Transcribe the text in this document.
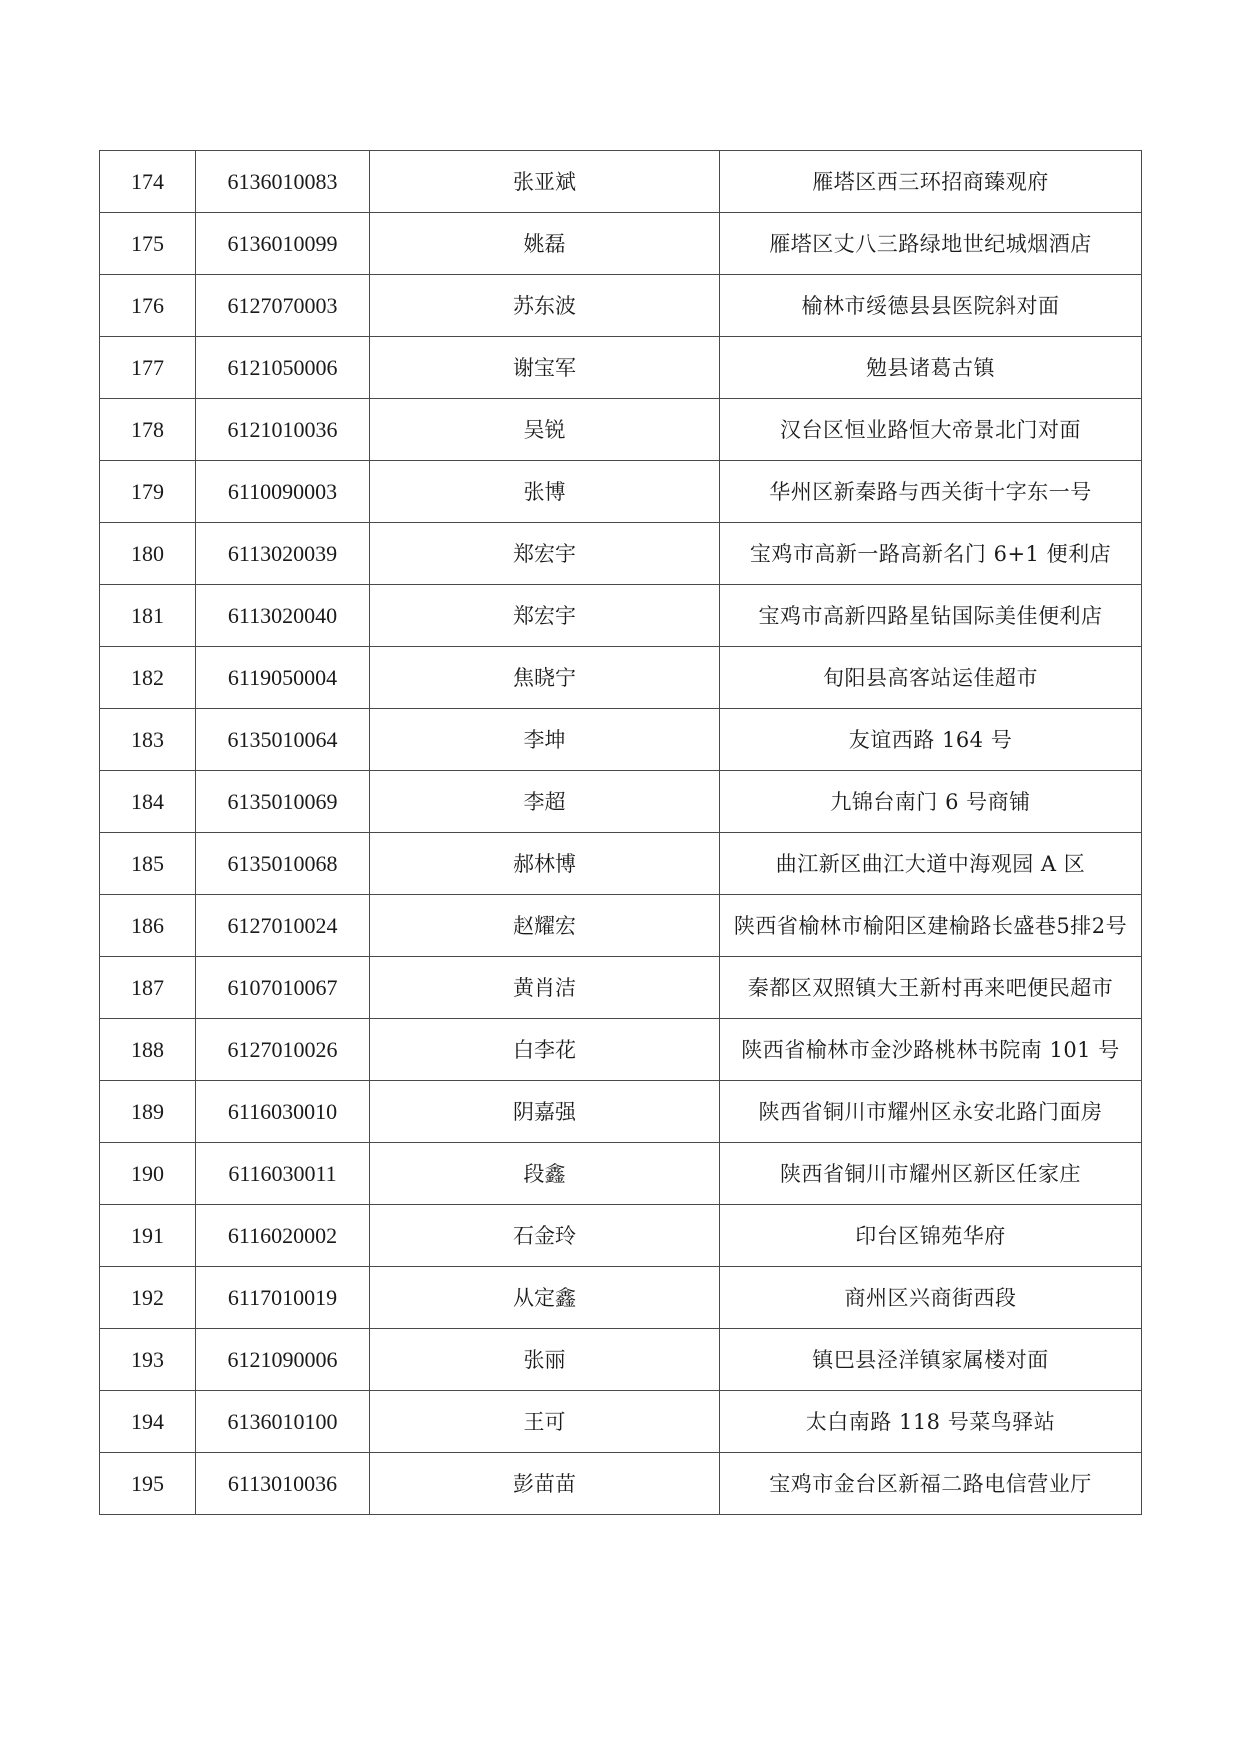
174	6136010083	张亚斌	雁塔区西三环招商臻观府
175	6136010099	姚磊	雁塔区丈八三路绿地世纪城烟酒店
176	6127070003	苏东波	榆林市绥德县县医院斜对面
177	6121050006	谢宝军	勉县诸葛古镇
178	6121010036	吴锐	汉台区恒业路恒大帝景北门对面
179	6110090003	张博	华州区新秦路与西关街十字东一号
180	6113020039	郑宏宇	宝鸡市高新一路高新名门 6+1 便利店
181	6113020040	郑宏宇	宝鸡市高新四路星钻国际美佳便利店
182	6119050004	焦晓宁	旬阳县高客站运佳超市
183	6135010064	李坤	友谊西路 164 号
184	6135010069	李超	九锦台南门 6 号商铺
185	6135010068	郝林博	曲江新区曲江大道中海观园 A 区
186	6127010024	赵耀宏	陕西省榆林市榆阳区建榆路长盛巷5排2号
187	6107010067	黄肖洁	秦都区双照镇大王新村再来吧便民超市
188	6127010026	白李花	陕西省榆林市金沙路桃林书院南 101 号
189	6116030010	阴嘉强	陕西省铜川市耀州区永安北路门面房
190	6116030011	段鑫	陕西省铜川市耀州区新区任家庄
191	6116020002	石金玲	印台区锦苑华府
192	6117010019	从定鑫	商州区兴商街西段
193	6121090006	张丽	镇巴县泾洋镇家属楼对面
194	6136010100	王可	太白南路 118 号菜鸟驿站
195	6113010036	彭苗苗	宝鸡市金台区新福二路电信营业厅
